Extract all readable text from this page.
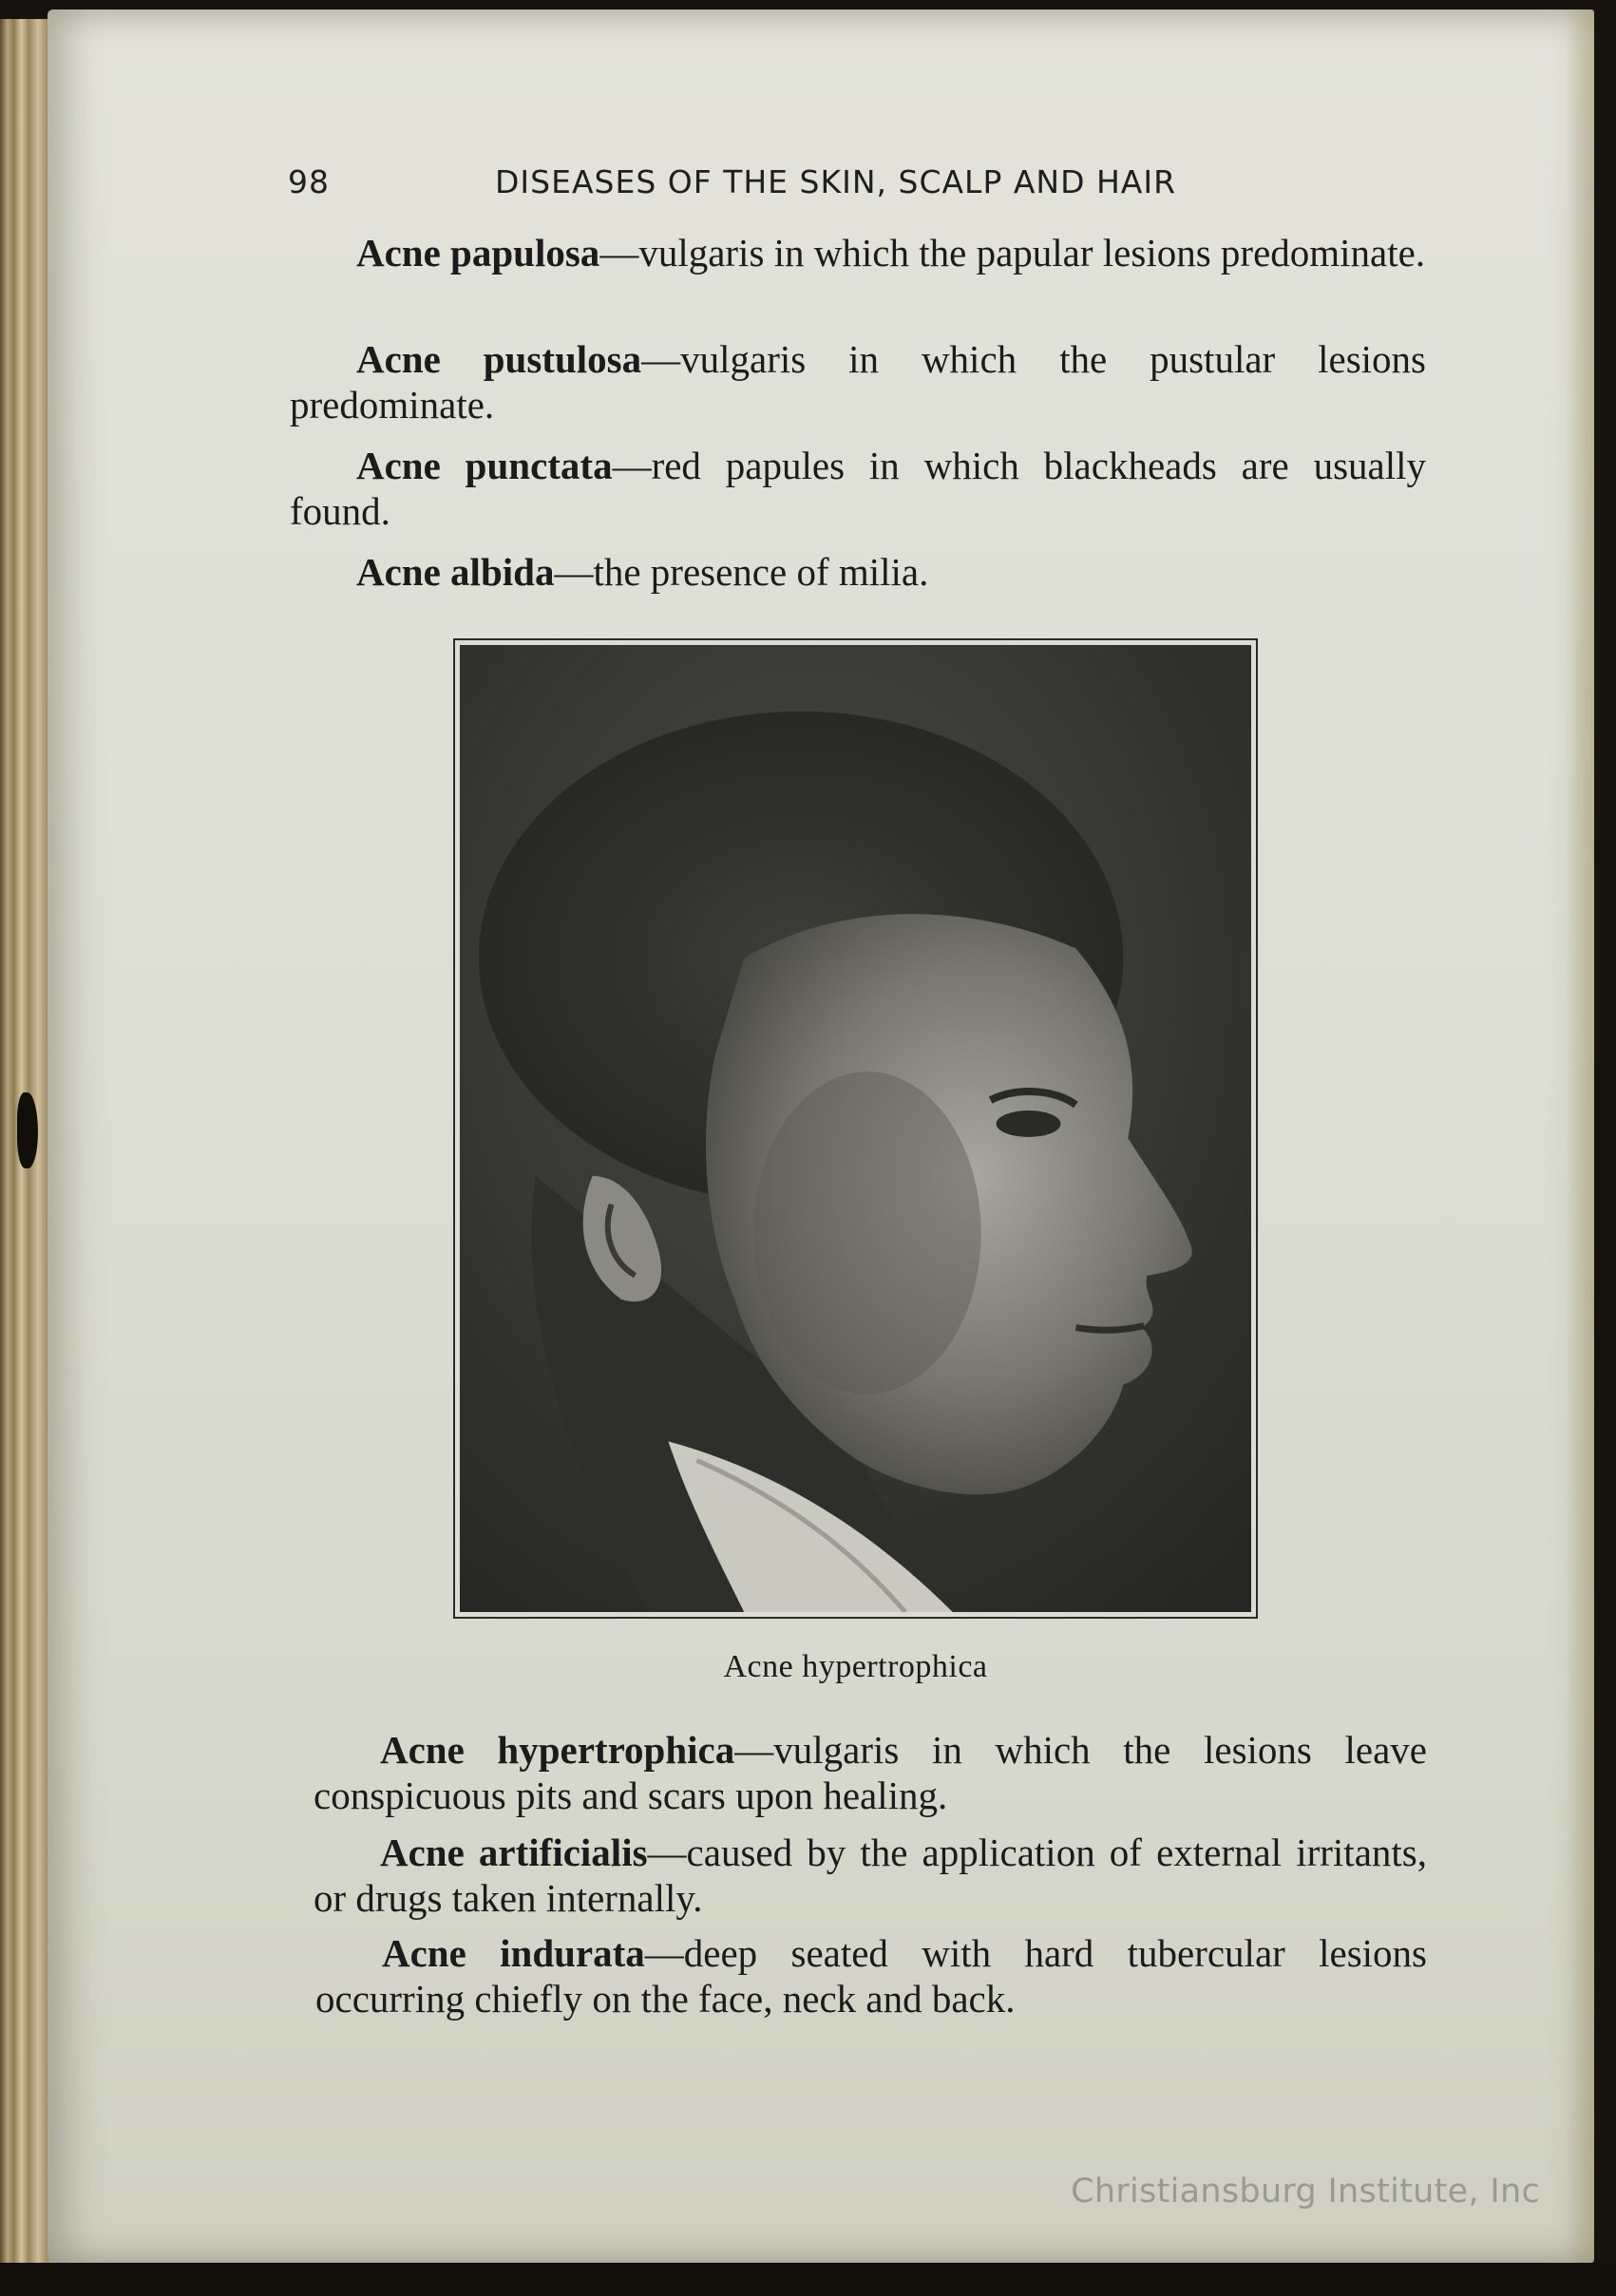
98	DISEASES OF THE SKIN, SCALP AND HAIR
Acne papulosa—vulgaris in which the papular lesions predominate.
Acne pustulosa—vulgaris in which the pustular lesions predominate.
Acne punctata—red papules in which blackheads are usually found.
Acne albida—the presence of milia.
Acne hypertrophica
Acne hypertrophica—vulgaris in which the lesions leave conspicuous pits and scars upon healing.
Acne artificialis—caused by the application of external irritants, or drugs taken internally.
Acne indurata—deep seated with hard tubercular lesions occurring chiefly on the face, neck and back.
Christiansburg Institute, Inc
